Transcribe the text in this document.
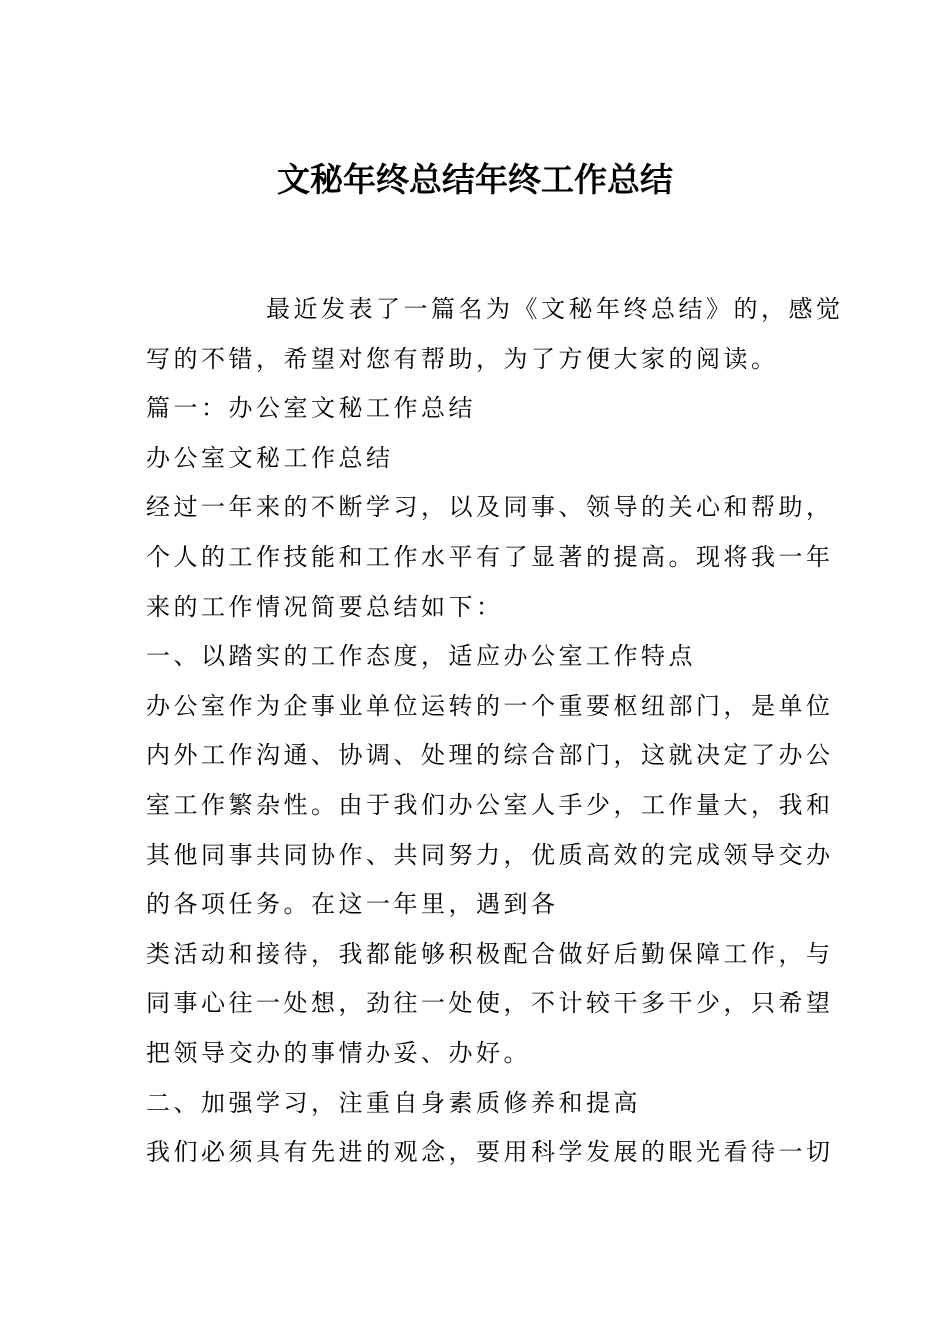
文秘年终总结年终工作总结
最近发表了一篇名为《文秘年终总结》的，感觉
写的不错，希望对您有帮助，为了方便大家的阅读。
篇一：办公室文秘工作总结
办公室文秘工作总结
经过一年来的不断学习，以及同事、领导的关心和帮助，
个人的工作技能和工作水平有了显著的提高。现将我一年
来的工作情况简要总结如下：
一、以踏实的工作态度，适应办公室工作特点
办公室作为企事业单位运转的一个重要枢纽部门，是单位
内外工作沟通、协调、处理的综合部门，这就决定了办公
室工作繁杂性。由于我们办公室人手少，工作量大，我和
其他同事共同协作、共同努力，优质高效的完成领导交办
的各项任务。在这一年里，遇到各
类活动和接待，我都能够积极配合做好后勤保障工作，与
同事心往一处想，劲往一处使，不计较干多干少，只希望
把领导交办的事情办妥、办好。
二、加强学习，注重自身素质修养和提高
我们必须具有先进的观念，要用科学发展的眼光看待一切
